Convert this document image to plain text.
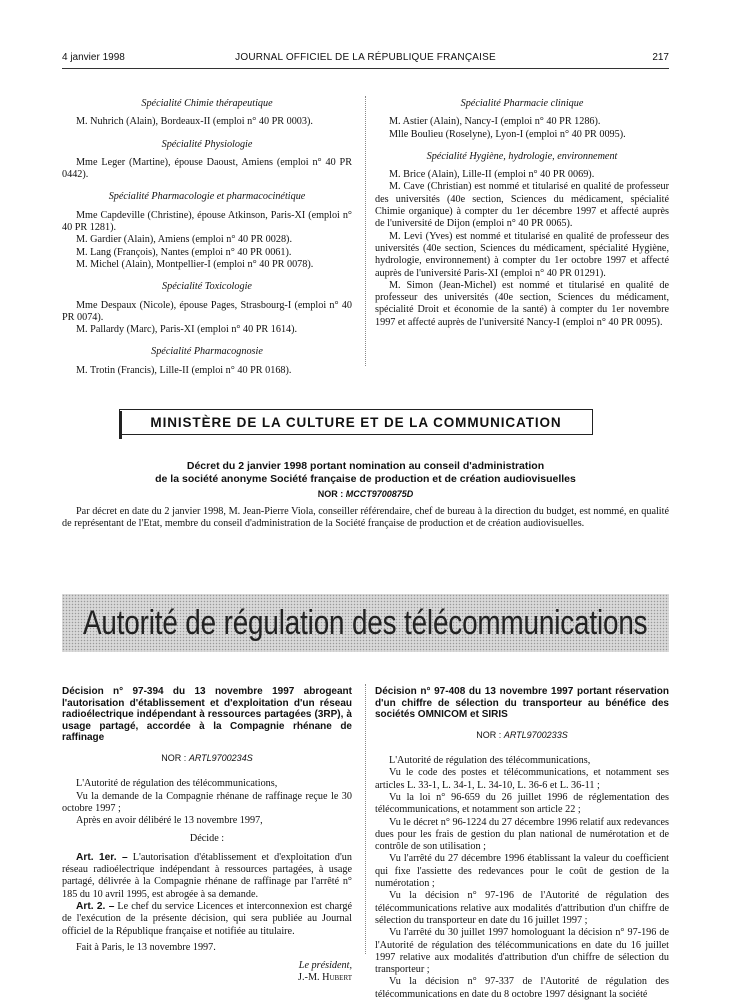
4 janvier 1998	JOURNAL OFFICIEL DE LA RÉPUBLIQUE FRANÇAISE	217

Spécialité Chimie thérapeutique

M. Nuhrich (Alain), Bordeaux-II (emploi n° 40 PR 0003).

Spécialité Physiologie

Mme Leger (Martine), épouse Daoust, Amiens (emploi n° 40 PR 0442).

Spécialité Pharmacologie et pharmacocinétique

Mme Capdeville (Christine), épouse Atkinson, Paris-XI (emploi n° 40 PR 1281).

M. Gardier (Alain), Amiens (emploi n° 40 PR 0028).

M. Lang (François), Nantes (emploi n° 40 PR 0061).

M. Michel (Alain), Montpellier-I (emploi n° 40 PR 0078).

Spécialité Toxicologie

Mme Despaux (Nicole), épouse Pages, Strasbourg-I (emploi n° 40 PR 0074).

M. Pallardy (Marc), Paris-XI (emploi n° 40 PR 1614).

Spécialité Pharmacognosie

M. Trotin (Francis), Lille-II (emploi n° 40 PR 0168).

Spécialité Pharmacie clinique

M. Astier (Alain), Nancy-I (emploi n° 40 PR 1286).

Mlle Boulieu (Roselyne), Lyon-I (emploi n° 40 PR 0095).

Spécialité Hygiène, hydrologie, environnement

M. Brice (Alain), Lille-II (emploi n° 40 PR 0069).

M. Cave (Christian) est nommé et titularisé en qualité de professeur des universités (40e section, Sciences du médicament, spécialité Chimie organique) à compter du 1er décembre 1997 et affecté auprès de l'université de Dijon (emploi n° 40 PR 0065).

M. Levi (Yves) est nommé et titularisé en qualité de professeur des universités (40e section, Sciences du médicament, spécialité Hygiène, hydrologie, environnement) à compter du 1er octobre 1997 et affecté auprès de l'université Paris-XI (emploi n° 40 PR 01291).

M. Simon (Jean-Michel) est nommé et titularisé en qualité de professeur des universités (40e section, Sciences du médicament, spécialité Droit et économie de la santé) à compter du 1er novembre 1997 et affecté auprès de l'université Nancy-I (emploi n° 40 PR 0095).

MINISTÈRE DE LA CULTURE ET DE LA COMMUNICATION
Décret du 2 janvier 1998 portant nomination au conseil d'administration
de la société anonyme Société française de production et de création audiovisuelles
NOR : MCCT9700875D
Par décret en date du 2 janvier 1998, M. Jean-Pierre Viola, conseiller référendaire, chef de bureau à la direction du budget, est nommé, en qualité de représentant de l'Etat, membre du conseil d'administration de la Société française de production et de création audiovisuelles.
Autorité de régulation des télécommunications
Décision n° 97-394 du 13 novembre 1997 abrogeant l'autorisation d'établissement et d'exploitation d'un réseau radioélectrique indépendant à ressources partagées (3RP), à usage partagé, accordée à la Compagnie rhénane de raffinage
NOR : ARTL9700234S

L'Autorité de régulation des télécommunications,

Vu la demande de la Compagnie rhénane de raffinage reçue le 30 octobre 1997 ;

Après en avoir délibéré le 13 novembre 1997,

Décide :

Art. 1er. – L'autorisation d'établissement et d'exploitation d'un réseau radioélectrique indépendant à ressources partagées, à usage partagé, délivrée à la Compagnie rhénane de raffinage par l'arrêté n° 185 du 10 avril 1995, est abrogée à sa demande.

Art. 2. – Le chef du service Licences et interconnexion est chargé de l'exécution de la présente décision, qui sera publiée au Journal officiel de la République française et notifiée au titulaire.

Fait à Paris, le 13 novembre 1997.

Le président,
J.-M. Hubert
Décision n° 97-408 du 13 novembre 1997 portant réservation d'un chiffre de sélection du transporteur au bénéfice des sociétés OMNICOM et SIRIS
NOR : ARTL9700233S

L'Autorité de régulation des télécommunications,

Vu le code des postes et télécommunications, et notamment ses articles L. 33-1, L. 34-1, L. 34-10, L. 36-6 et L. 36-11 ;

Vu la loi n° 96-659 du 26 juillet 1996 de réglementation des télécommunications, et notamment son article 22 ;

Vu le décret n° 96-1224 du 27 décembre 1996 relatif aux redevances dues pour les frais de gestion du plan national de numérotation et de contrôle de son utilisation ;

Vu l'arrêté du 27 décembre 1996 établissant la valeur du coefficient qui fixe l'assiette des redevances pour le coût de gestion de la numérotation ;

Vu la décision n° 97-196 de l'Autorité de régulation des télécommunications relative aux modalités d'attribution d'un chiffre de sélection du transporteur en date du 16 juillet 1997 ;

Vu l'arrêté du 30 juillet 1997 homologuant la décision n° 97-196 de l'Autorité de régulation des télécommunications en date du 16 juillet 1997 relative aux modalités d'attribution d'un chiffre de sélection du transporteur ;

Vu la décision n° 97-337 de l'Autorité de régulation des télécommunications en date du 8 octobre 1997 désignant la société
